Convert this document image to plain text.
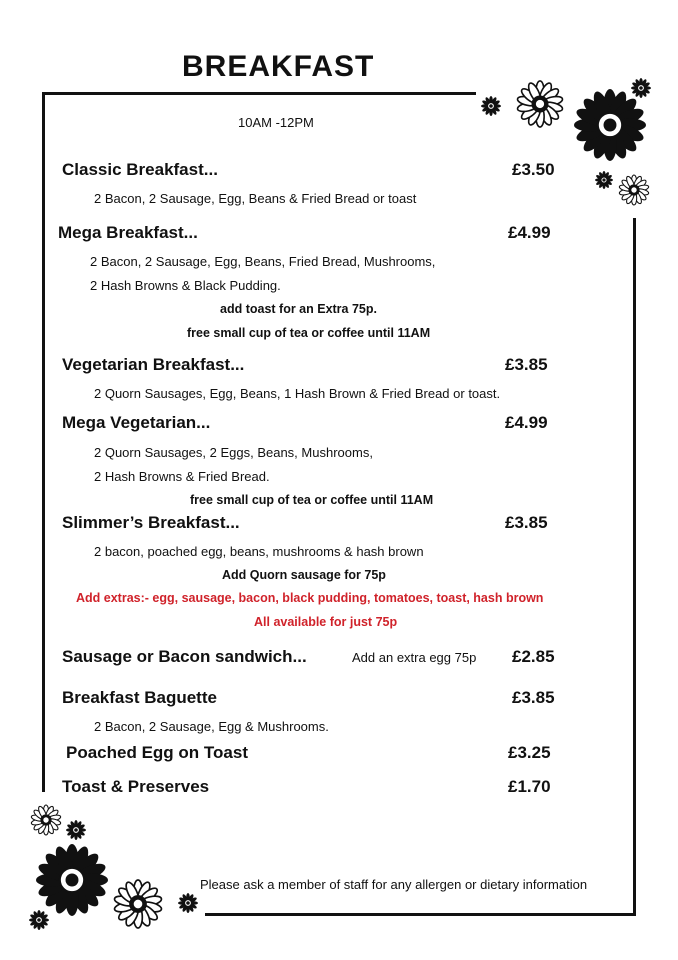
BREAKFAST
10AM -12PM
Classic Breakfast...	£3.50
2 Bacon, 2 Sausage, Egg, Beans & Fried Bread or toast
Mega Breakfast...	£4.99
2 Bacon, 2 Sausage, Egg, Beans, Fried Bread, Mushrooms,
2 Hash Browns & Black Pudding.
add toast for an Extra 75p.
free small cup of tea or coffee until 11AM
Vegetarian Breakfast...	£3.85
2 Quorn Sausages, Egg, Beans, 1 Hash Brown & Fried Bread or toast.
Mega Vegetarian...	£4.99
2 Quorn Sausages, 2 Eggs, Beans, Mushrooms,
2 Hash Browns & Fried Bread.
free small cup of tea or coffee until 11AM
Slimmer’s Breakfast...	£3.85
2 bacon, poached egg, beans, mushrooms & hash brown
Add Quorn sausage for 75p
Add extras:- egg, sausage, bacon, black pudding, tomatoes, toast, hash brown
All available for just 75p
Sausage or Bacon sandwich...	Add an extra egg 75p £2.85
Breakfast Baguette	£3.85
2 Bacon, 2 Sausage, Egg & Mushrooms.
Poached Egg on Toast	£3.25
Toast & Preserves	£1.70
Please ask a member of staff for any allergen or dietary information
